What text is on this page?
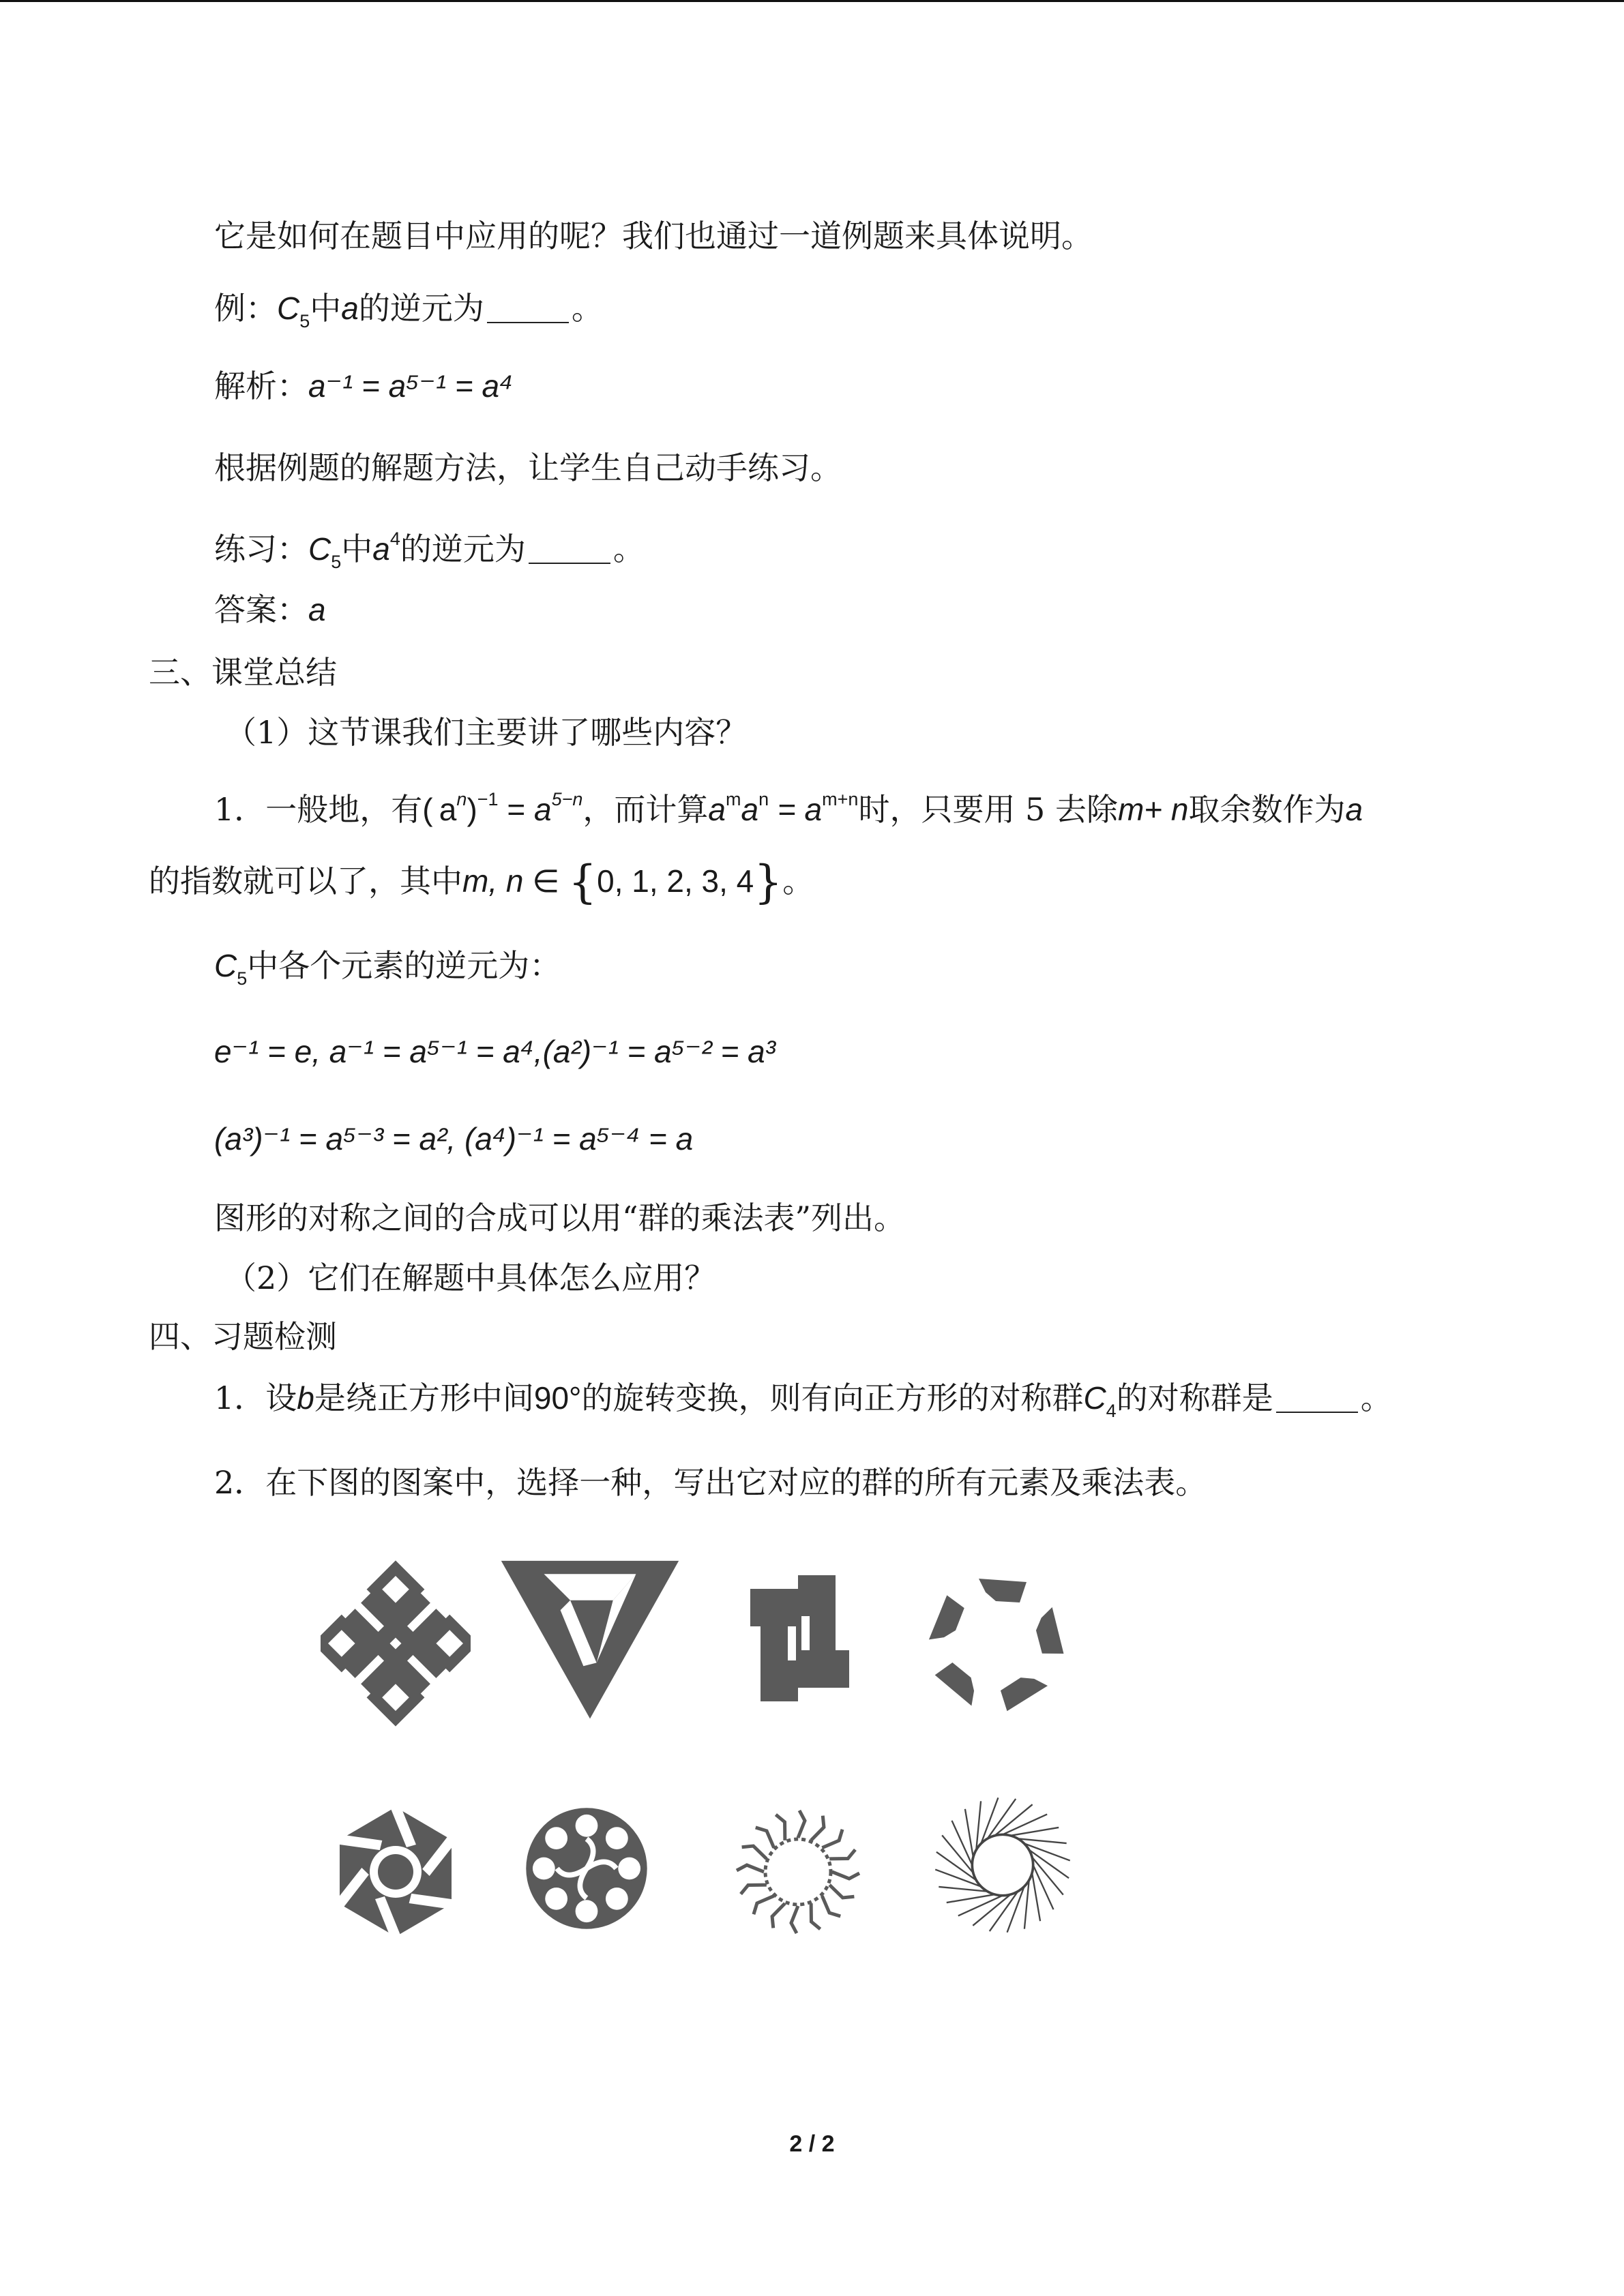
它是如何在题目中应用的呢？我们也通过一道例题来具体说明。
例：$C_5$中a的逆元为	。
解析：a⁻¹ = a⁵⁻¹ = a⁴
根据例题的解题方法，让学生自己动手练习。
练习：$C_5$中$a^4$的逆元为	。
答案：a
三、课堂总结
（1）这节课我们主要讲了哪些内容？
1．一般地，有( $a^n)^{-1} = a^{5-n}$，而计算$a^ma^n = a^{m+n}$时，只要用 5 去除m+ n取余数作为a
的指数就可以了，其中m, n ∈ {0, 1, 2, 3, 4}。
$C_5$中各个元素的逆元为：
e⁻¹ = e, a⁻¹ = a⁵⁻¹ = a⁴,(a²)⁻¹ = a⁵⁻² = a³
(a³)⁻¹ = a⁵⁻³ = a², (a⁴)⁻¹ = a⁵⁻⁴ = a
图形的对称之间的合成可以用“群的乘法表”列出。
（2）它们在解题中具体怎么应用？
四、习题检测
1．设b是绕正方形中间90°的旋转变换，则有向正方形的对称群$C_4$的对称群是	。
2．在下图的图案中，选择一种，写出它对应的群的所有元素及乘法表。
2 / 2
